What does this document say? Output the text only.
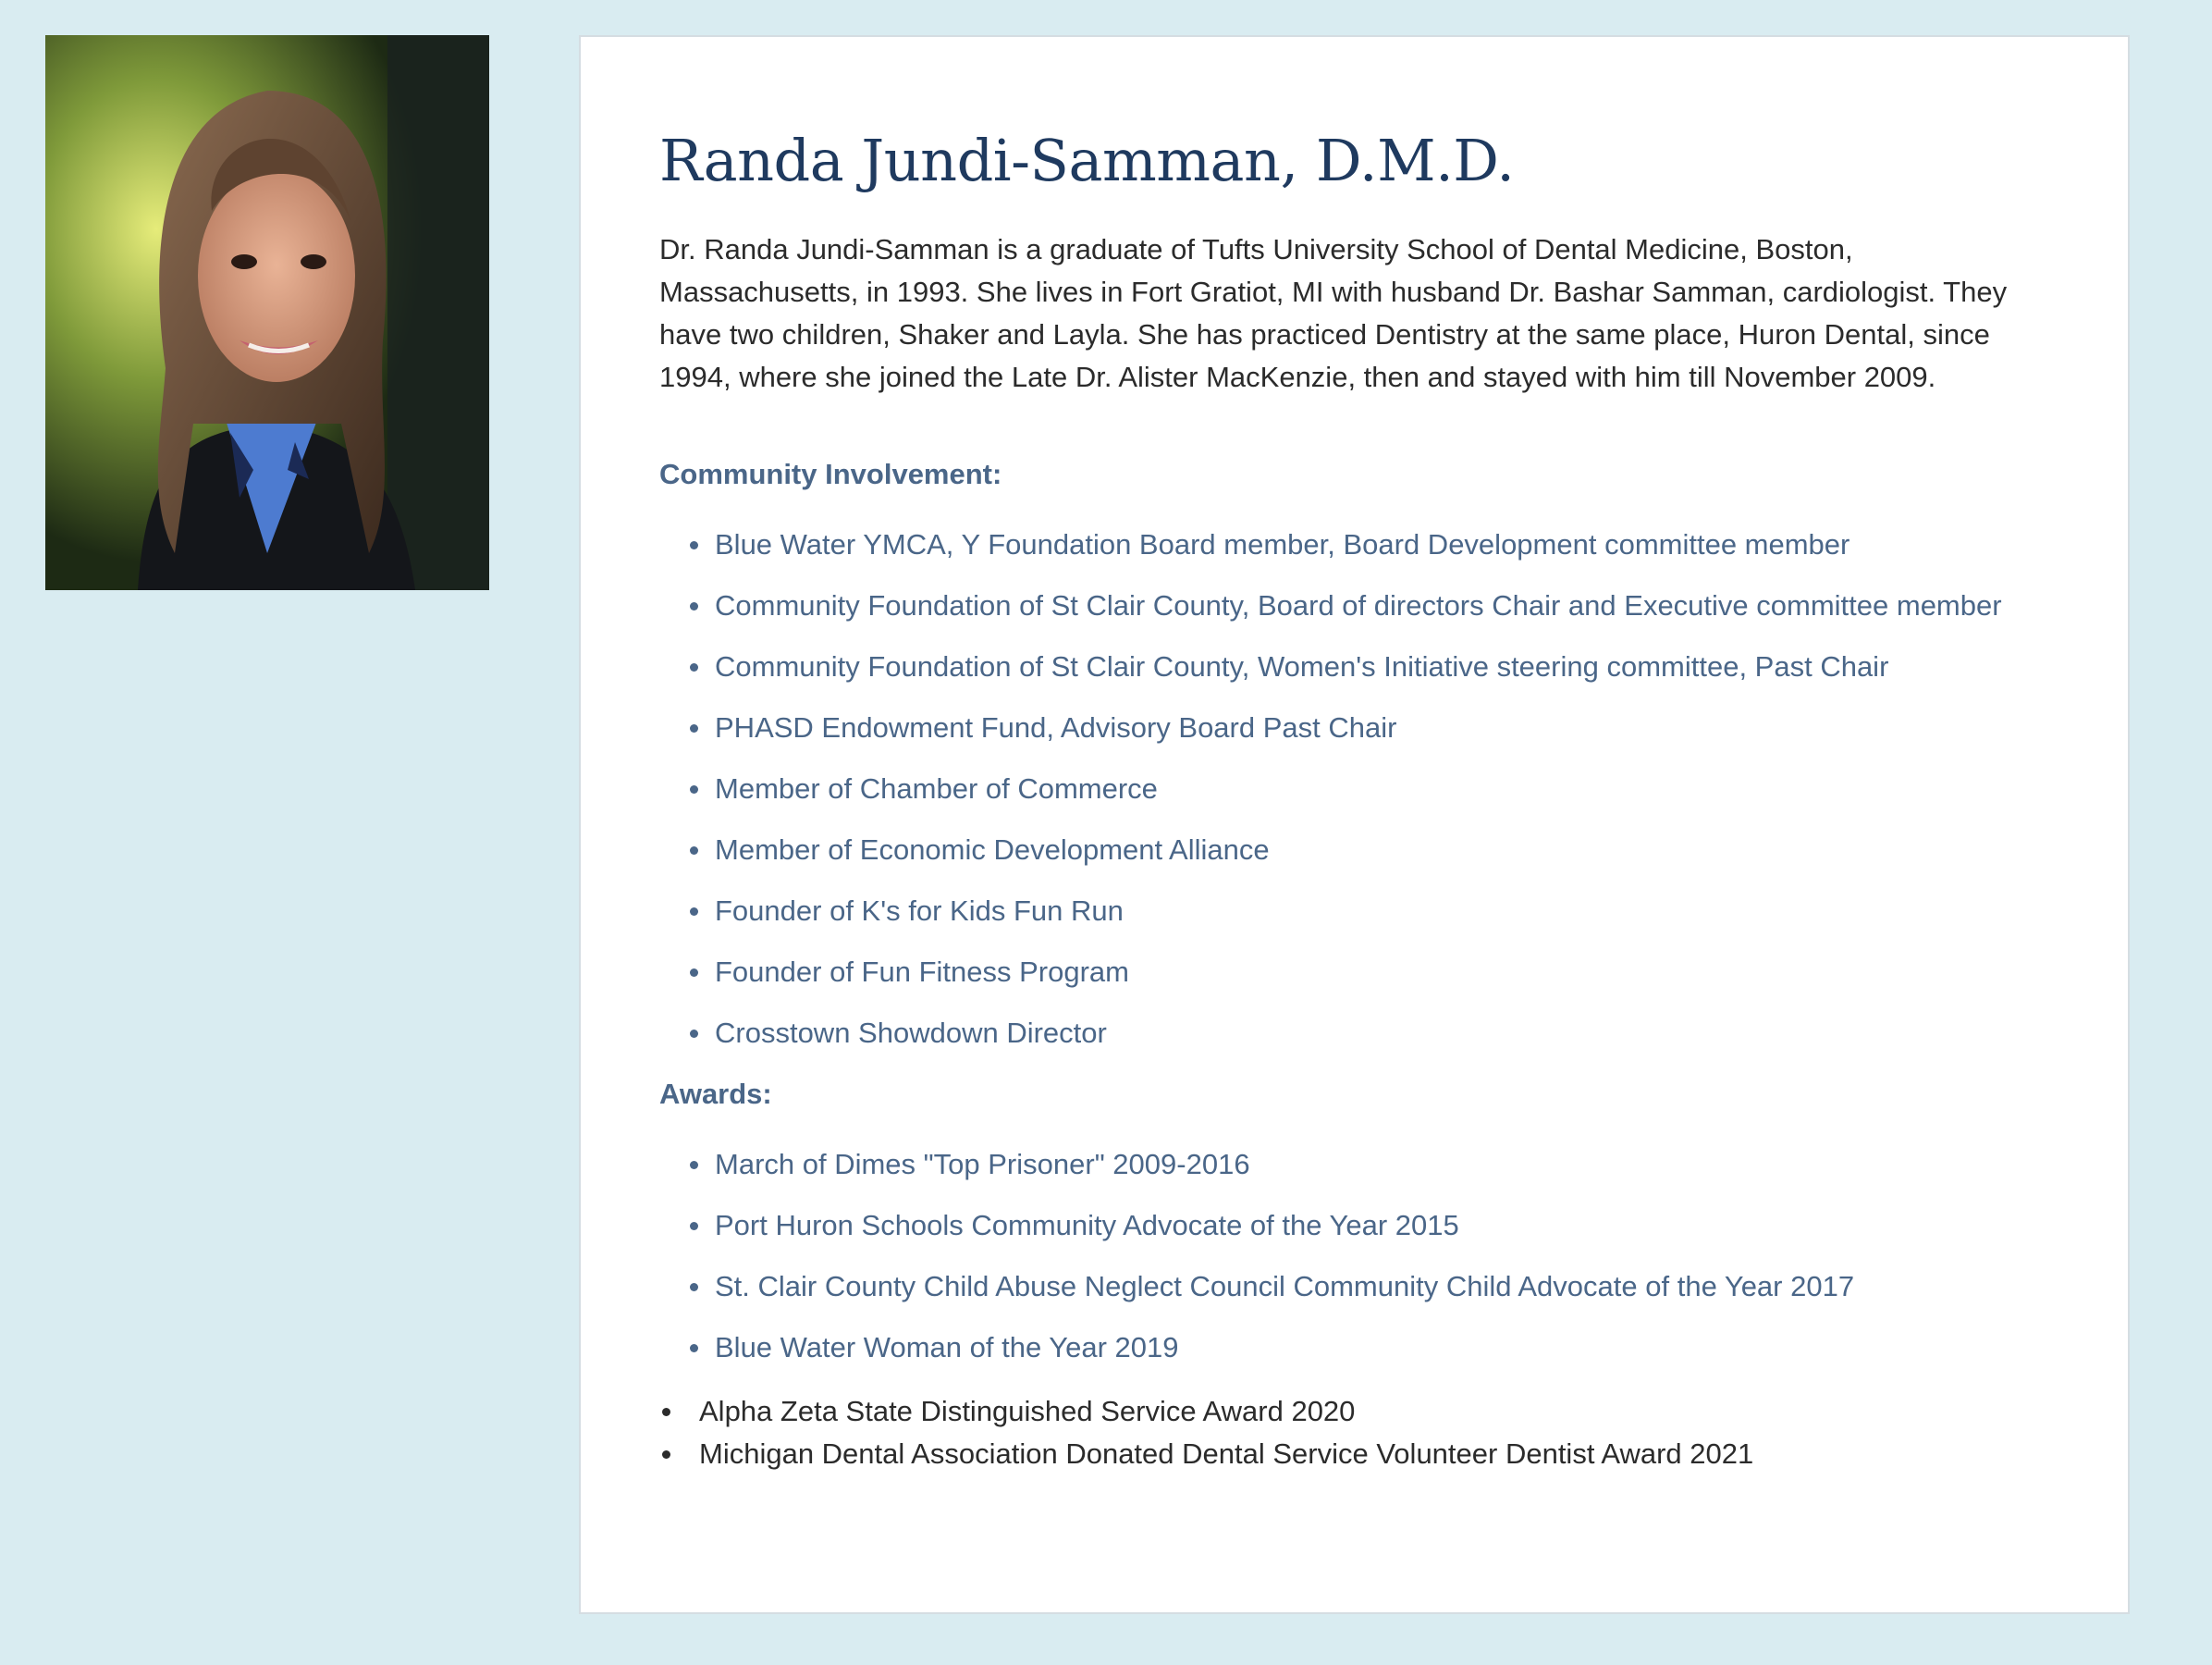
Randa Jundi-Samman, D.M.D.

Dr. Randa Jundi-Samman is a graduate of Tufts University School of Dental Medicine, Boston, Massachusetts, in 1993. She lives in Fort Gratiot, MI with husband Dr. Bashar Samman, cardiologist. They have two children, Shaker and Layla. She has practiced Dentistry at the same place, Huron Dental, since 1994, where she joined the Late Dr. Alister MacKenzie, then and stayed with him till November 2009.

Community Involvement:
Blue Water YMCA, Y Foundation Board member, Board Development committee member
Community Foundation of St Clair County, Board of directors Chair and Executive committee member
Community Foundation of St Clair County, Women's Initiative steering committee, Past Chair
PHASD Endowment Fund, Advisory Board Past Chair
Member of Chamber of Commerce
Member of Economic Development Alliance
Founder of K's for Kids Fun Run
Founder of Fun Fitness Program
Crosstown Showdown Director
Awards:
March of Dimes "Top Prisoner" 2009-2016
Port Huron Schools Community Advocate of the Year 2015
St. Clair County Child Abuse Neglect Council Community Child Advocate of the Year 2017
Blue Water Woman of the Year 2019
Alpha Zeta State Distinguished Service Award 2020
Michigan Dental Association Donated Dental Service Volunteer Dentist Award 2021
